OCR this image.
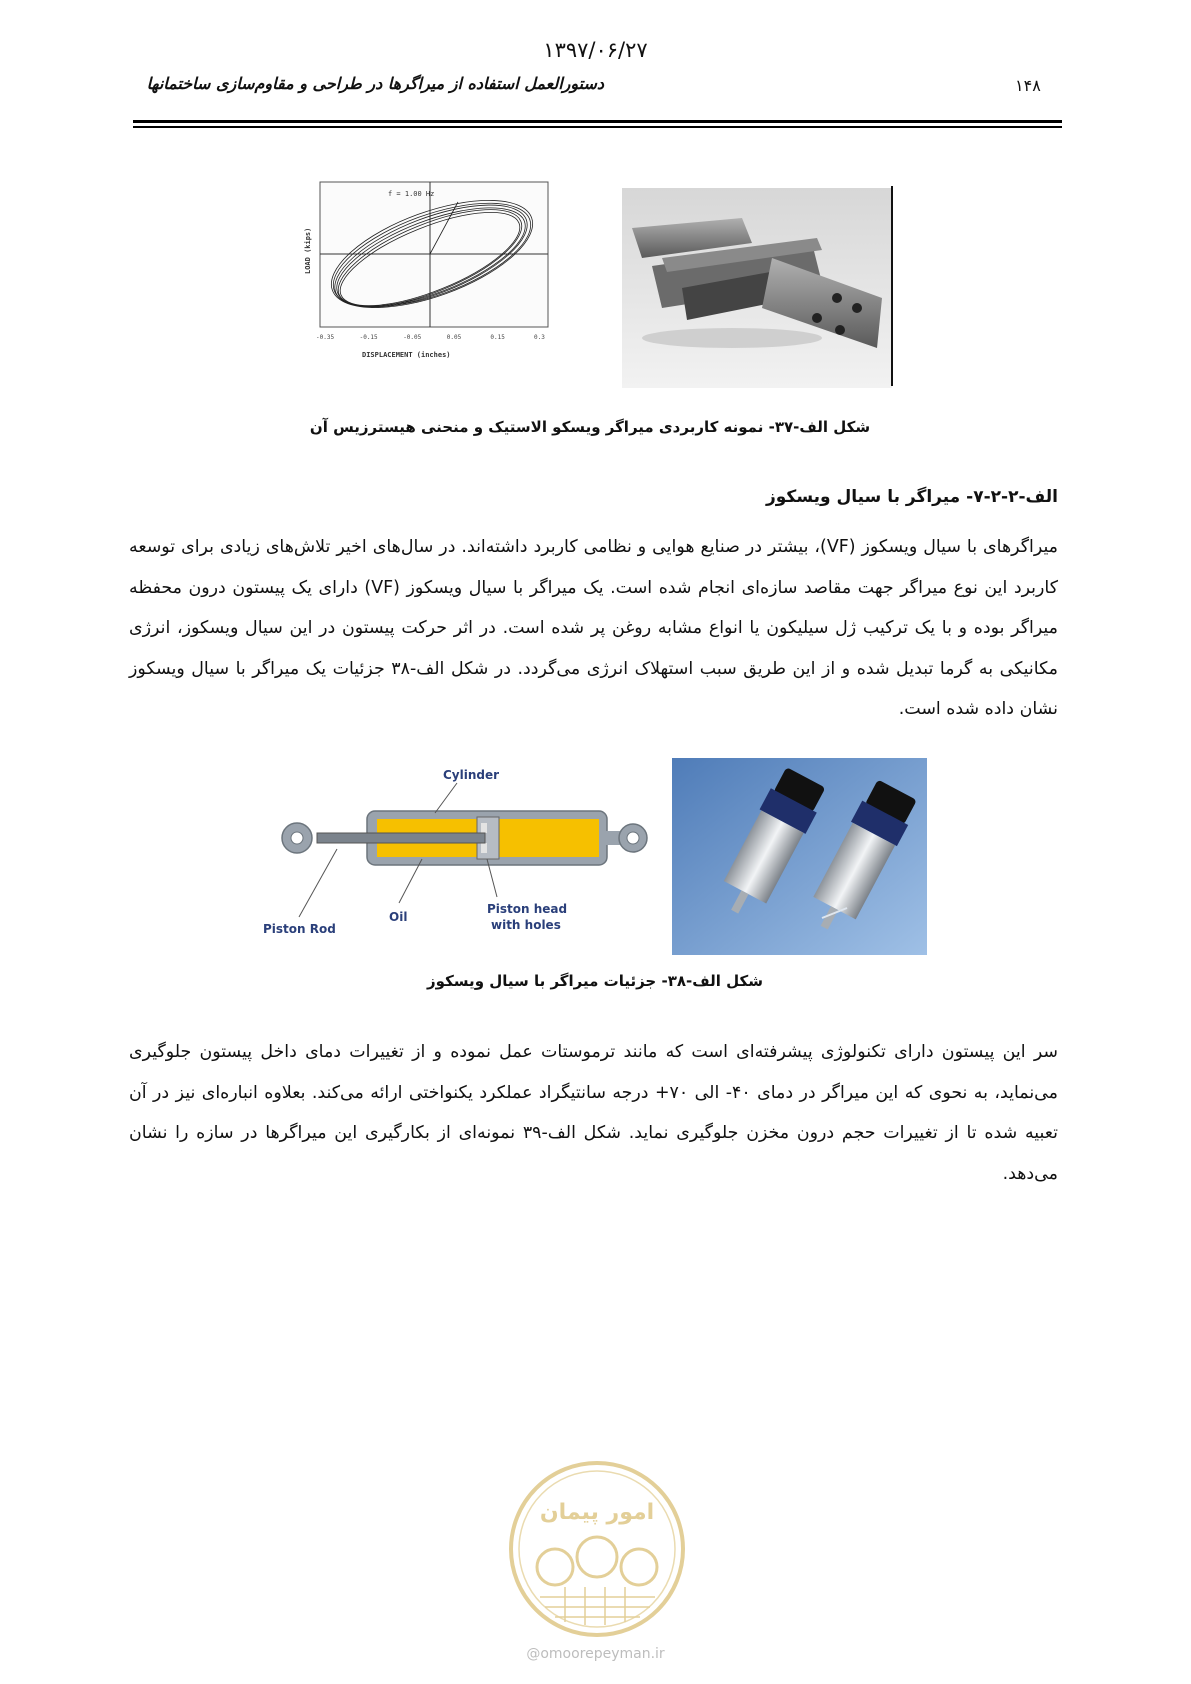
۱۳۹۷/۰۶/۲۷
دستورالعمل استفاده از میراگرها در طراحی و مقاوم‌سازی ساختمانها	۱۴۸
f = 1.00 Hz
LOAD (kips)
-0.35	-0.15	-0.05	0.05	0.15	0.3
DISPLACEMENT (inches)
شکل الف-۳۷- نمونه کاربردی میراگر ویسکو الاستیک و منحنی هیسترزیس آن
الف-۲-۲-۷- میراگر با سیال ویسکوز
میراگرهای با سیال ویسکوز (VF)، بیشتر در صنایع هوایی و نظامی کاربرد داشته‌اند. در سال‌های اخیر تلاش‌های زیادی برای توسعه کاربرد این نوع میراگر جهت مقاصد سازه‌ای انجام شده است. یک میراگر با سیال ویسکوز (VF) دارای یک پیستون درون محفظه میراگر بوده و با یک ترکیب ژل سیلیکون یا انواع مشابه روغن پر شده است. در اثر حرکت پیستون در این سیال ویسکوز، انرژی مکانیکی به گرما تبدیل شده و از این طریق سبب استهلاک انرژی می‌گردد. در شکل الف-۳۸ جزئیات یک میراگر با سیال ویسکوز نشان داده شده است.
Cylinder
Piston Rod
Oil
Piston head
with holes
شکل الف-۳۸- جزئیات میراگر با سیال ویسکوز
سر این پیستون دارای تکنولوژی پیشرفته‌ای است که مانند ترموستات عمل نموده و از تغییرات دمای داخل پیستون جلوگیری می‌نماید، به نحوی که این میراگر در دمای ۴۰- الی ۷۰+ درجه سانتیگراد عملکرد یکنواختی ارائه می‌کند. بعلاوه انباره‌ای نیز در آن تعبیه شده تا از تغییرات حجم درون مخزن جلوگیری نماید. شکل الف-۳۹ نمونه‌ای از بکارگیری این میراگرها در سازه را نشان می‌دهد.
امور پیمان
@omoorepeyman.ir
